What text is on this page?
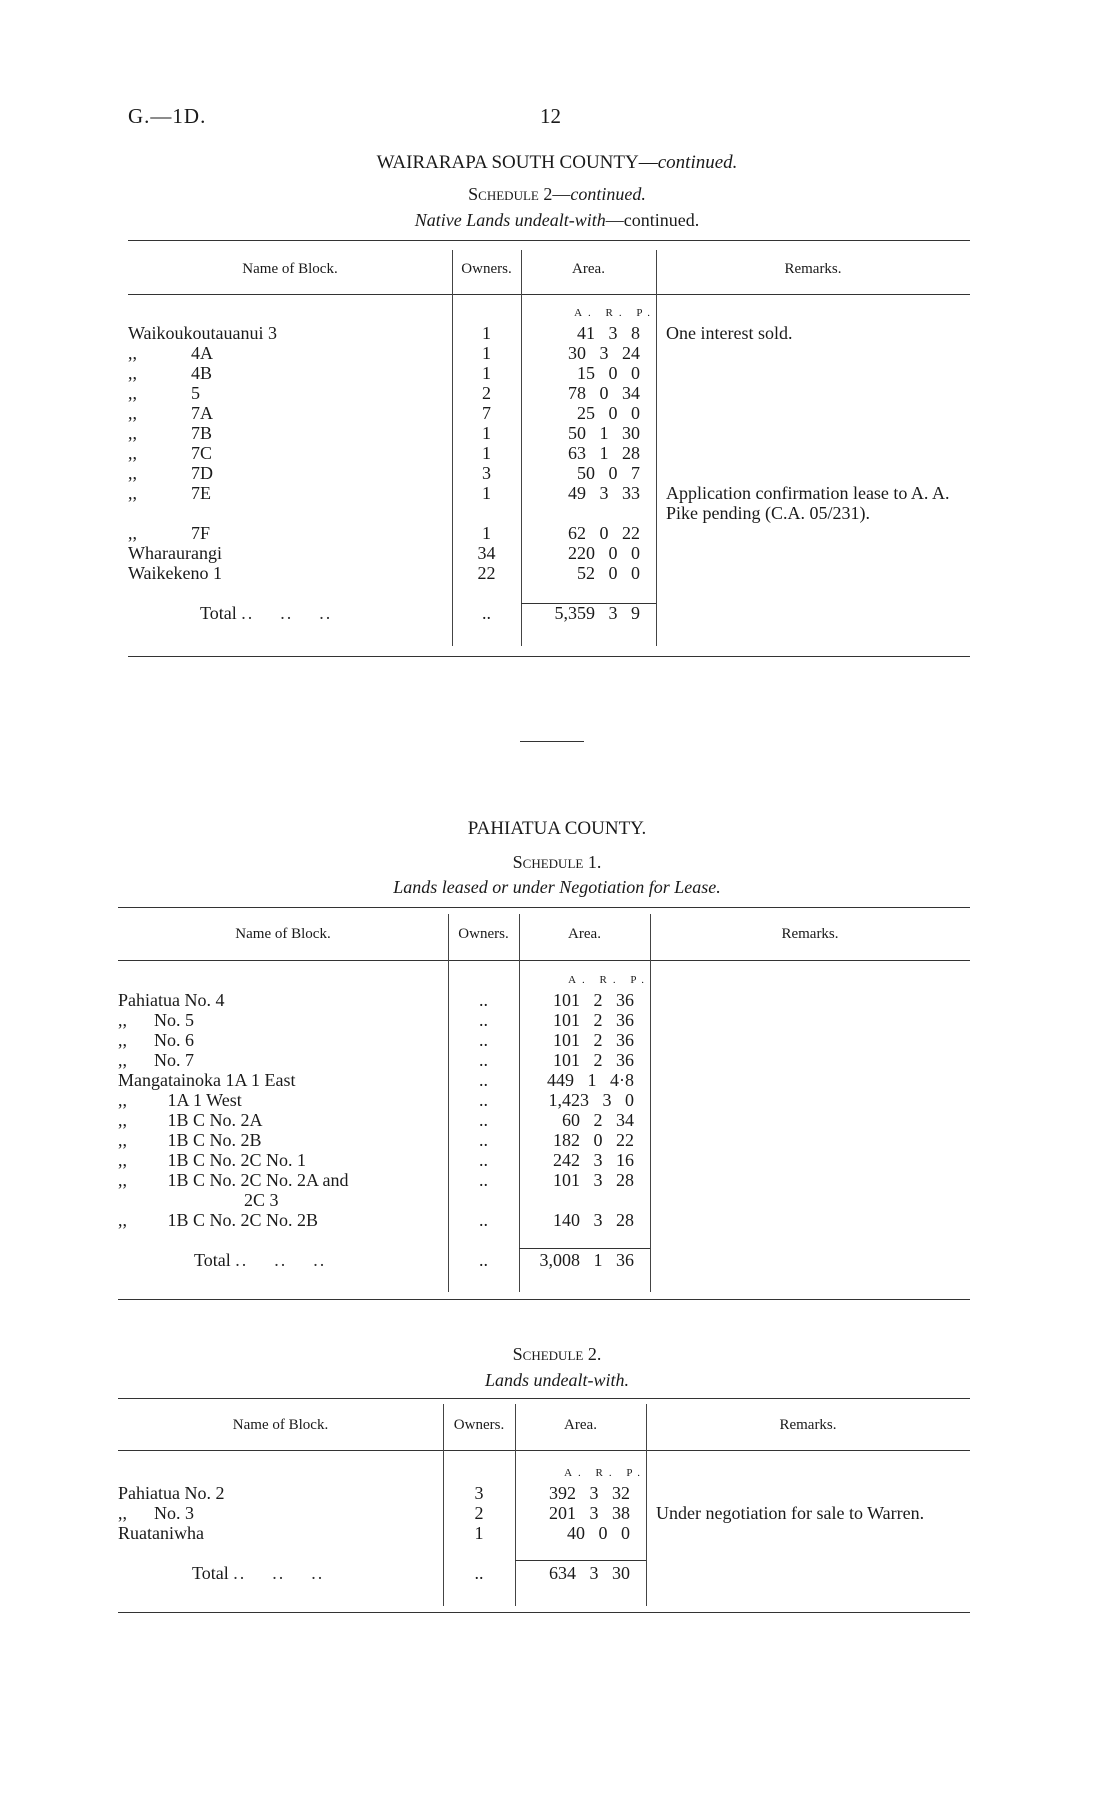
G.—1D.	12
WAIRARAPA SOUTH COUNTY—continued.
Schedule 2—continued.
Native Lands undealt-with—continued.
Name of Block.	Owners.	Area.	Remarks.
		A. R. P.	
Waikoukoutauanui 3	1	41 3 8	One interest sold.
,,            4A	1	30 3 24	
,,            4B	1	15 0 0	
,,            5	2	78 0 34	
,,            7A	7	25 0 0	
,,            7B	1	50 1 30	
,,            7C	1	63 1 28	
,,            7D	3	50 0 7	
,,            7E	1	49 3 33	Application confirmation lease to A. A. Pike pending (C.A. 05/231).
,,            7F	1	62 0 22	
Wharaurangi	34	220 0 0	
Waikekeno 1	22	52 0 0	

Total ..    ..    ..	..	5,359 3 9	
PAHIATUA COUNTY.
Schedule 1.
Lands leased or under Negotiation for Lease.
Name of Block.	Owners.	Area.	Remarks.
		A. R. P.	
Pahiatua No. 4	..	101 2 36	
,,      No. 5	..	101 2 36	
,,      No. 6	..	101 2 36	
,,      No. 7	..	101 2 36	
Mangatainoka 1A 1 East	..	449 1 4·8	
,,         1A 1 West	..	1,423 3 0	
,,         1B C No. 2A	..	60 2 34	
,,         1B C No. 2B	..	182 0 22	
,,         1B C No. 2C No. 1	..	242 3 16	
,,         1B C No. 2C No. 2A and
2C 3	..	101 3 28	
,,         1B C No. 2C No. 2B	..	140 3 28	

Total ..    ..    ..	..	3,008 1 36	
Schedule 2.
Lands undealt-with.
Name of Block.	Owners.	Area.	Remarks.
		A. R. P.	
Pahiatua No. 2	3	392 3 32	Under negotiation for sale to Warren.
,,      No. 3	2	201 3 38	
Ruataniwha	1	40 0 0	

Total ..    ..    ..	..	634 3 30	
